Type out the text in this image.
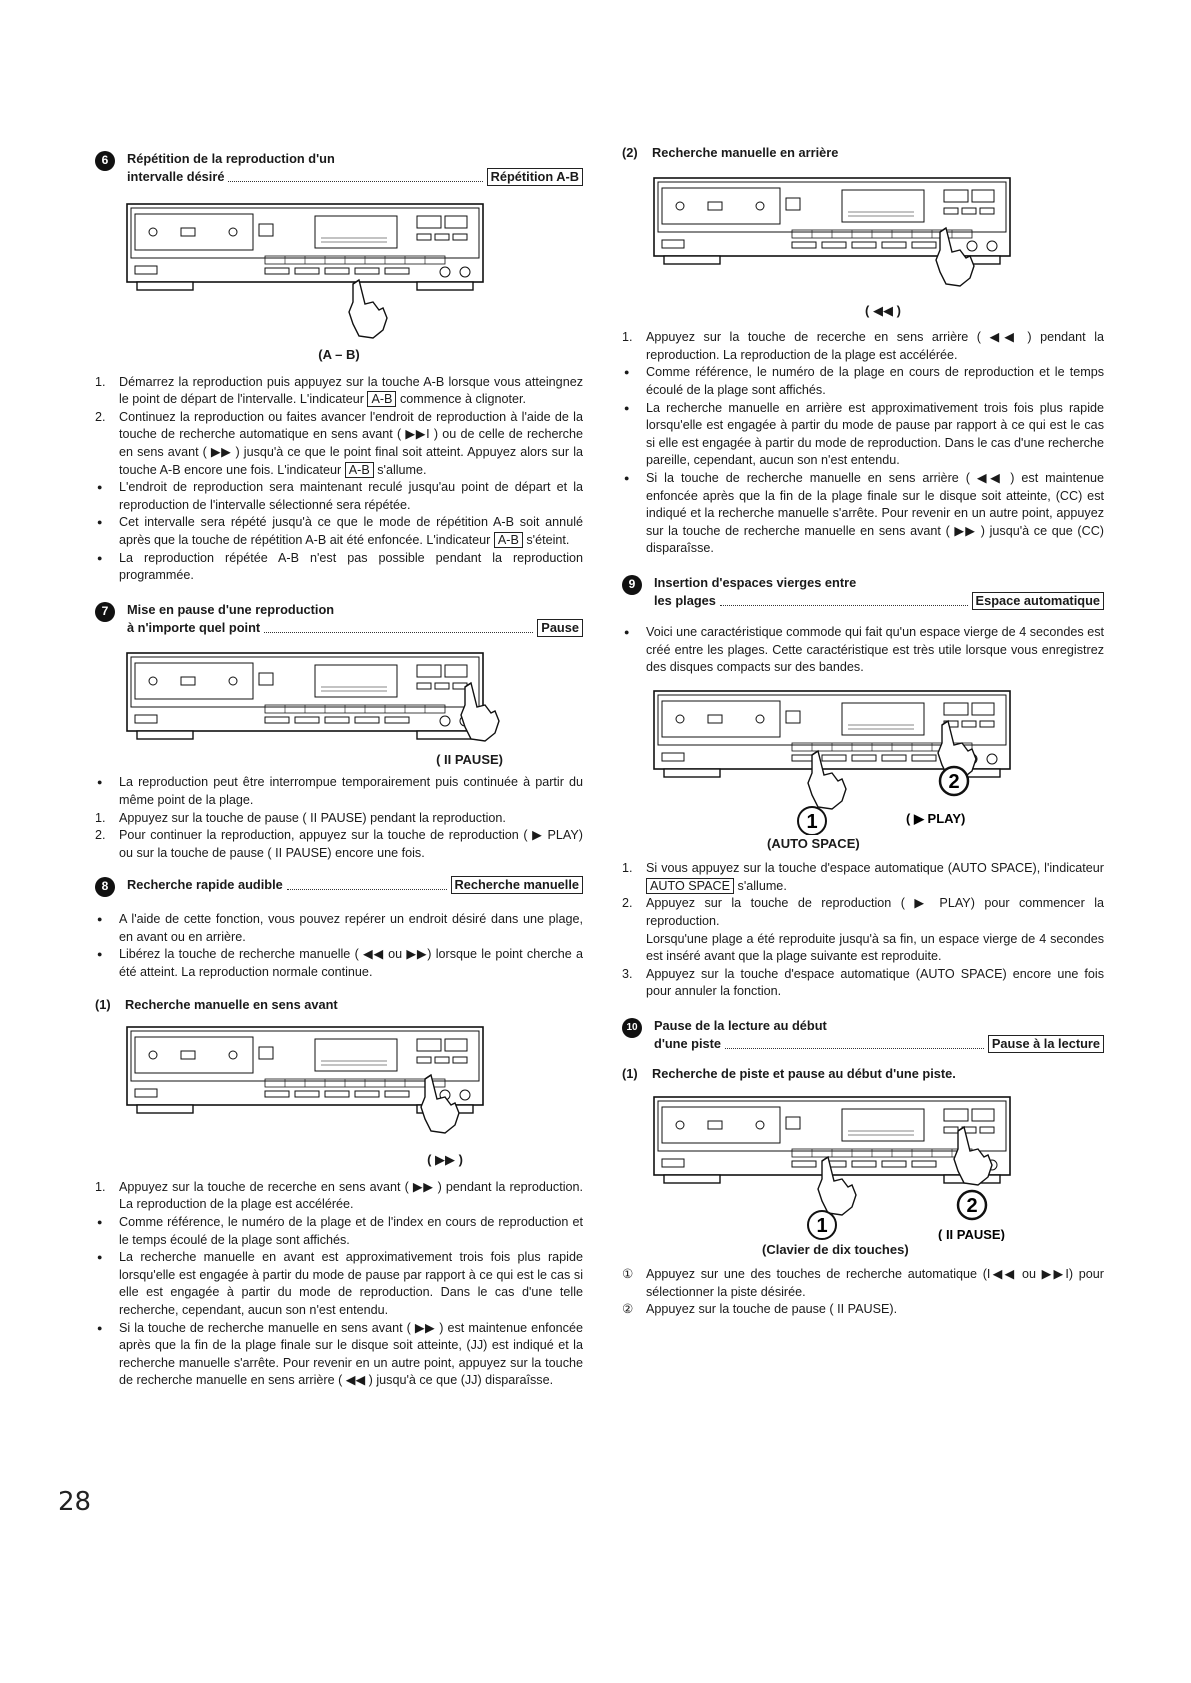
6	Répétition de la reproduction d'un
intervalle désiré	Répétition A-B
(A – B)
1.	Démarrez la reproduction puis appuyez sur la touche A-B lorsque vous atteingnez le point de départ de l'intervalle. L'indicateur A-B commence à clignoter.
2.	Continuez la reproduction ou faites avancer l'endroit de reproduction à l'aide de la touche de recherche automatique en sens avant ( ▶▶I ) ou de celle de recherche en sens avant ( ▶▶ ) jusqu'à ce que le point final soit atteint. Appuyez alors sur la touche A-B encore une fois. L'indicateur A-B s'allume.
● L'endroit de reproduction sera maintenant reculé jusqu'au point de départ et la reproduction de l'intervalle sélectionné sera répétée.
● Cet intervalle sera répété jusqu'à ce que le mode de répétition A-B soit annulé après que la touche de répétition A-B ait été enfoncée. L'indicateur A-B s'éteint.
● La reproduction répétée A-B n'est pas possible pendant la reproduction programmée.
7	Mise en pause d'une reproduction
à n'importe quel point	Pause
( II PAUSE)
● La reproduction peut être interrompue temporairement puis continuée à partir du même point de la plage.
1.	Appuyez sur la touche de pause ( II PAUSE) pendant la reproduction.
2.	Pour continuer la reproduction, appuyez sur la touche de reproduction ( ▶ PLAY) ou sur la touche de pause ( II PAUSE) encore une fois.
8	Recherche rapide audible	Recherche manuelle
● A l'aide de cette fonction, vous pouvez repérer un endroit désiré dans une plage, en avant ou en arrière.
● Libérez la touche de recherche manuelle ( ◀◀ ou ▶▶) lorsque le point cherche a été atteint. La reproduction normale continue.
(1)	Recherche manuelle en sens avant
( ▶▶ )
1.	Appuyez sur la touche de recerche en sens avant ( ▶▶ ) pendant la reproduction. La reproduction de la plage est accélérée.
● Comme référence, le numéro de la plage et de l'index en cours de reproduction et le temps écoulé de la plage sont affichés.
● La recherche manuelle en avant est approximativement trois fois plus rapide lorsqu'elle est engagée à partir du mode de pause par rapport à ce qui est le cas si elle est engagée à partir du mode de reproduction. Dans le cas d'une telle recherche, cependant, aucun son n'est entendu.
● Si la touche de recherche manuelle en sens avant ( ▶▶ ) est maintenue enfoncée après que la fin de la plage finale sur le disque soit atteinte, (JJ) est indiqué et la recherche manuelle s'arrête. Pour revenir en un autre point, appuyez sur la touche de recherche manuelle en sens arrière ( ◀◀ ) jusqu'à ce que (JJ) disparaîsse.
(2)	Recherche manuelle en arrière
( ◀◀ )
1.	Appuyez sur la touche de recerche en sens arrière ( ◀◀ ) pendant la reproduction. La reproduction de la plage est accélérée.
● Comme référence, le numéro de la plage en cours de reproduction et le temps écoulé de la plage sont affichés.
● La recherche manuelle en arrière est approximativement trois fois plus rapide lorsqu'elle est engagée à partir du mode de pause par rapport à ce qui est le cas si elle est engagée à partir du mode de reproduction. Dans le cas d'une recherche pareille, cependant, aucun son n'est entendu.
● Si la touche de recherche manuelle en sens arrière ( ◀◀ ) est maintenue enfoncée après que la fin de la plage finale sur le disque soit atteinte, (CC) est indiqué et la recherche manuelle s'arrête. Pour revenir en un autre point, appuyez sur la touche de recherche manuelle en sens avant ( ▶▶ ) jusqu'à ce que (CC) disparaîsse.
9	Insertion d'espaces vierges entre
les plages	Espace automatique
● Voici une caractéristique commode qui fait qu'un espace vierge de 4 secondes est créé entre les plages. Cette caractéristique est très utile lorsque vous enregistrez des disques compacts sur des bandes.
1
2
( ▶ PLAY)
(AUTO SPACE)
1.	Si vous appuyez sur la touche d'espace automatique (AUTO SPACE), l'indicateur AUTO SPACE s'allume.
2.	Appuyez sur la touche de reproduction ( ▶ PLAY) pour commencer la reproduction.
Lorsqu'une plage a été reproduite jusqu'à sa fin, un espace vierge de 4 secondes est inséré avant que la plage suivante est reproduite.
3.	Appuyez sur la touche d'espace automatique (AUTO SPACE) encore une fois pour annuler la fonction.
10	Pause de la lecture au début
d'une piste	Pause à la lecture
(1)	Recherche de piste et pause au début d'une piste.
1
2
( II PAUSE)
(Clavier de dix touches)
①	Appuyez sur une des touches de recherche automatique (I◀◀ ou ▶▶I) pour sélectionner la piste désirée.
②	Appuyez sur la touche de pause ( II PAUSE).
28
